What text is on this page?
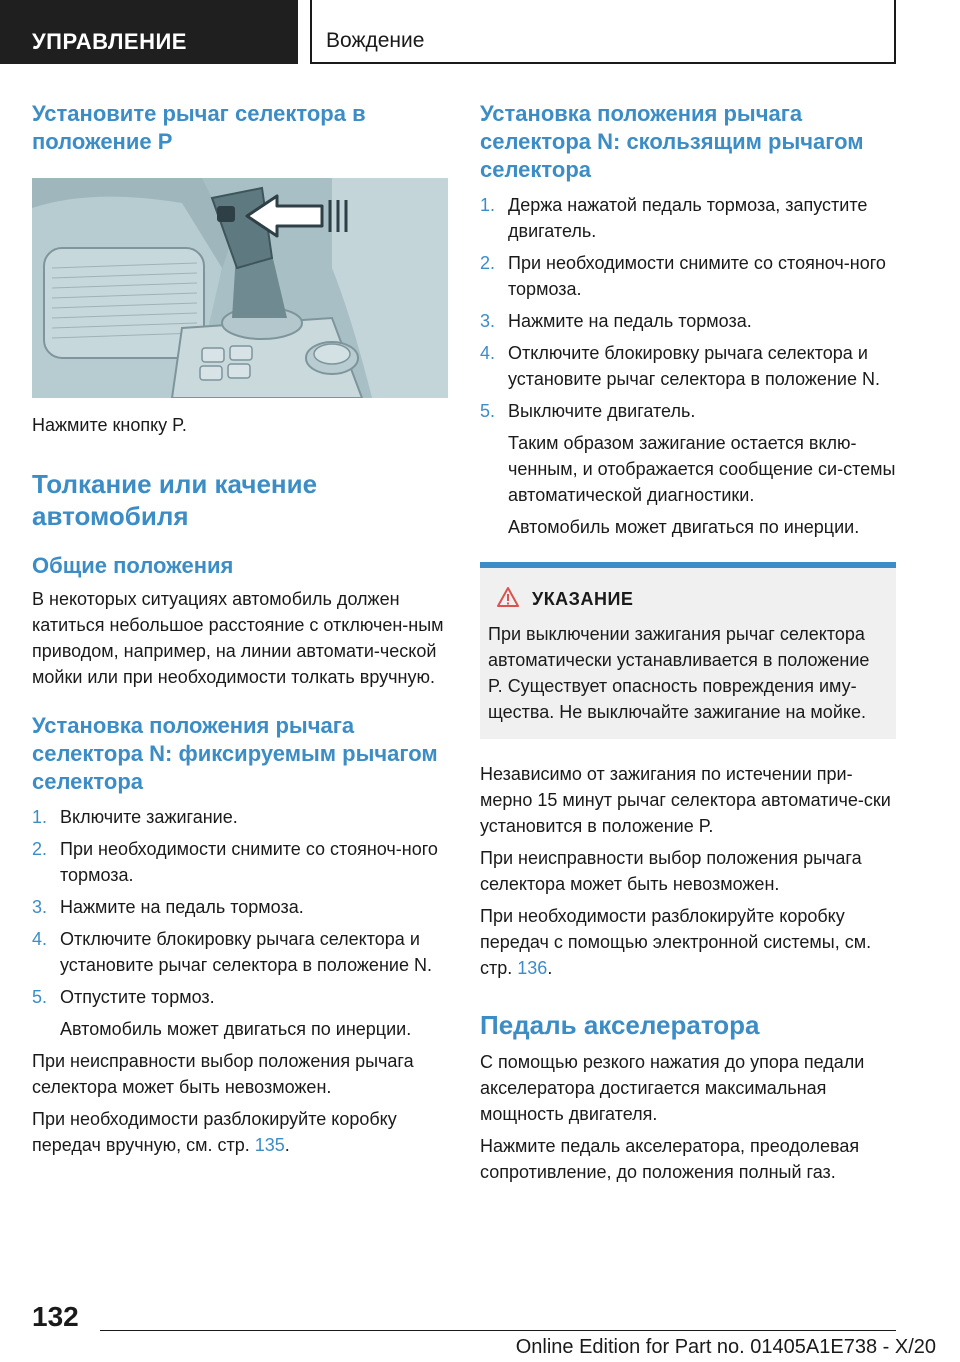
УПРАВЛЕНИЕ	Вождение
Установите рычаг селектора в положение P

Нажмите кнопку P.

Толкание или качение автомобиля
Общие положения

В некоторых ситуациях автомобиль должен катиться небольшое расстояние с отключен-ным приводом, например, на линии автомати-ческой мойки или при необходимости толкать вручную.

Установка положения рычага селектора N: фиксируемым рычагом селектора
1. Включите зажигание.
2. При необходимости снимите со стояноч-ного тормоза.
3. Нажмите на педаль тормоза.
4. Отключите блокировку рычага селектора и установите рычаг селектора в положение N.
5. Отпустите тормоз.

Автомобиль может двигаться по инерции.

При неисправности выбор положения рычага селектора может быть невозможен.

При необходимости разблокируйте коробку передач вручную, см. стр. 135.

Установка положения рычага селектора N: скользящим рычагом селектора
1. Держа нажатой педаль тормоза, запустите двигатель.
2. При необходимости снимите со стояноч-ного тормоза.
3. Нажмите на педаль тормоза.
4. Отключите блокировку рычага селектора и установите рычаг селектора в положение N.
5. Выключите двигатель.

Таким образом зажигание остается вклю-ченным, и отображается сообщение си-стемы автоматической диагностики.

Автомобиль может двигаться по инерции.

УКАЗАНИЕ

При выключении зажигания рычаг селектора автоматически устанавливается в положение P. Существует опасность повреждения иму-щества. Не выключайте зажигание на мойке.

Независимо от зажигания по истечении при-мерно 15 минут рычаг селектора автоматиче-ски установится в положение P.

При неисправности выбор положения рычага селектора может быть невозможен.

При необходимости разблокируйте коробку передач с помощью электронной системы, см. стр. 136.

Педаль акселератора

С помощью резкого нажатия до упора педали акселератора достигается максимальная мощность двигателя.

Нажмите педаль акселератора, преодолевая сопротивление, до положения полный газ.

132
Online Edition for Part no. 01405A1E738 - X/20
